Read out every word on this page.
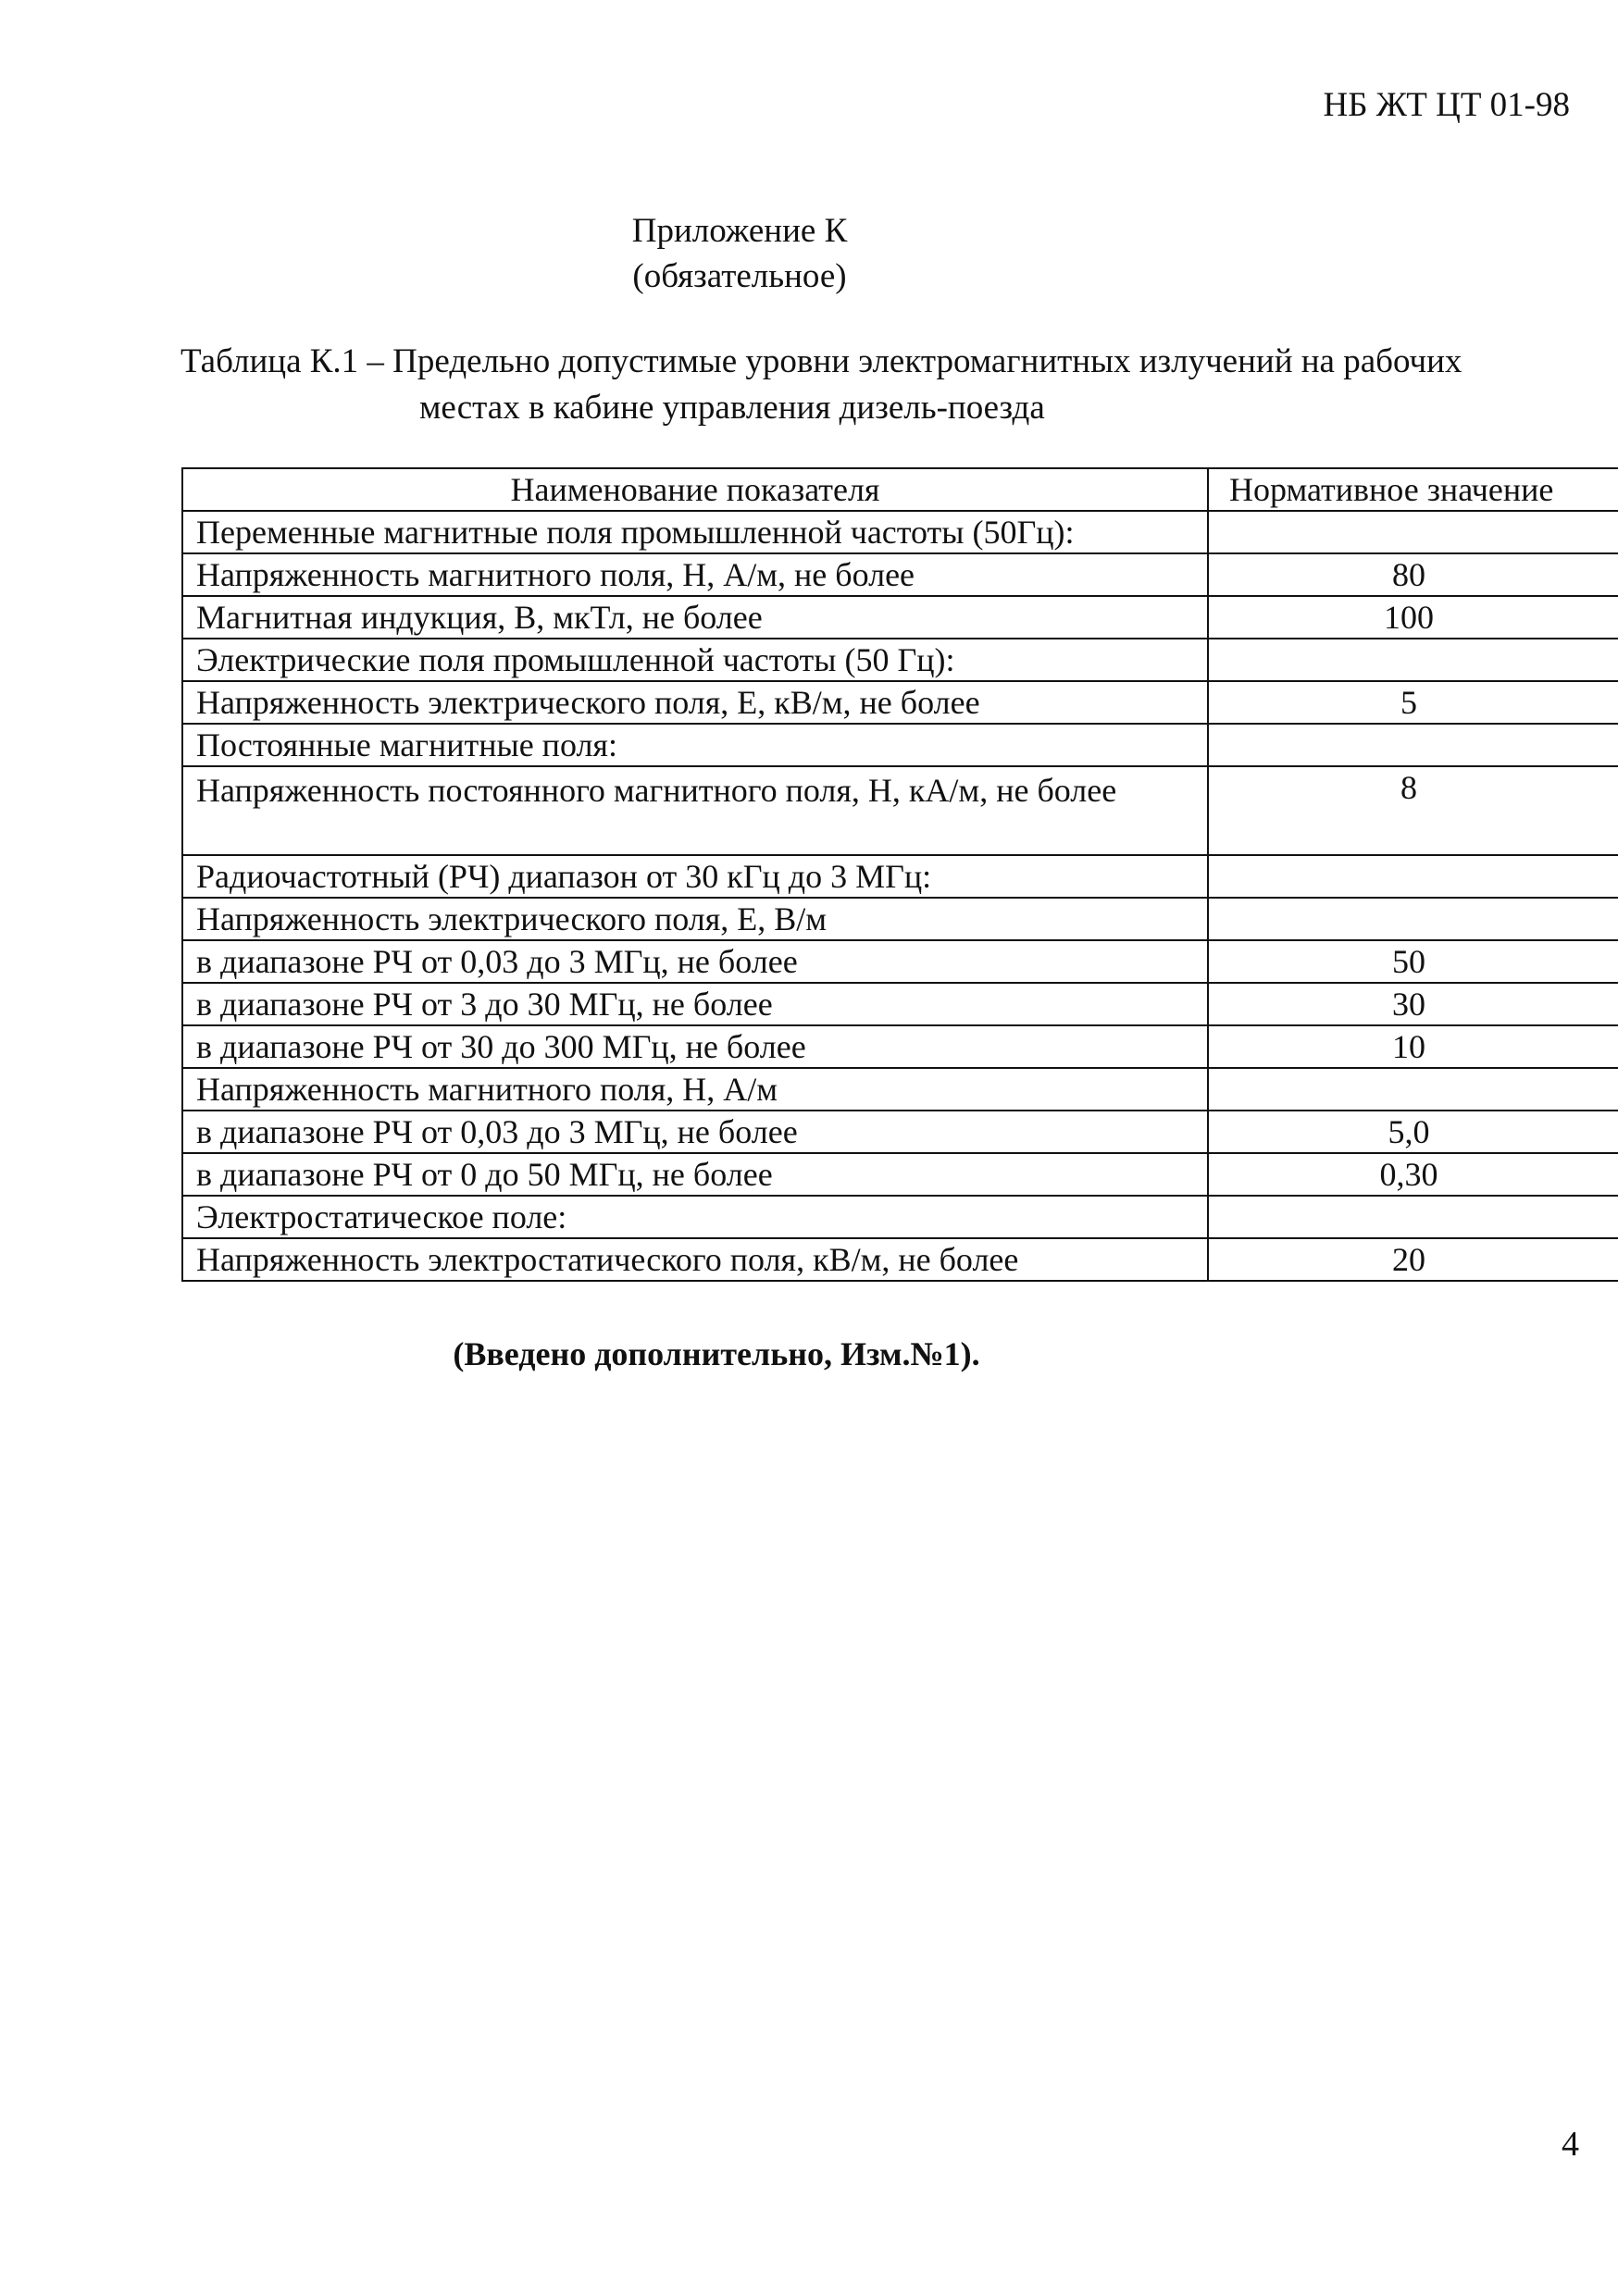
НБ ЖТ ЦТ 01-98
Приложение К
(обязательное)
Таблица К.1 – Предельно допустимые уровни электромагнитных излучений на рабочих
местах в кабине управления дизель-поезда
Наименование показателя	Нормативное значение
Переменные магнитные поля промышленной частоты (50Гц):	
Напряженность магнитного поля, Н, А/м, не более	80
Магнитная индукция, В, мкТл, не более	100
Электрические поля промышленной частоты (50 Гц):	
Напряженность электрического поля, Е, кВ/м, не более	5
Постоянные магнитные поля:	
Напряженность постоянного магнитного поля, Н, кА/м, не более	8
Радиочастотный (РЧ) диапазон от 30 кГц до 3 МГц:	
Напряженность электрического поля, Е, В/м	
в диапазоне РЧ от 0,03 до 3 МГц, не более	50
в диапазоне РЧ от 3 до 30 МГц, не более	30
в диапазоне РЧ от 30 до 300 МГц, не более	10
Напряженность магнитного поля, Н, А/м	
в диапазоне РЧ от 0,03 до 3 МГц, не более	5,0
в диапазоне РЧ от 0 до 50 МГц, не более	0,30
Электростатическое поле:	
Напряженность электростатического поля, кВ/м, не более	20
(Введено дополнительно, Изм.№1).
4
